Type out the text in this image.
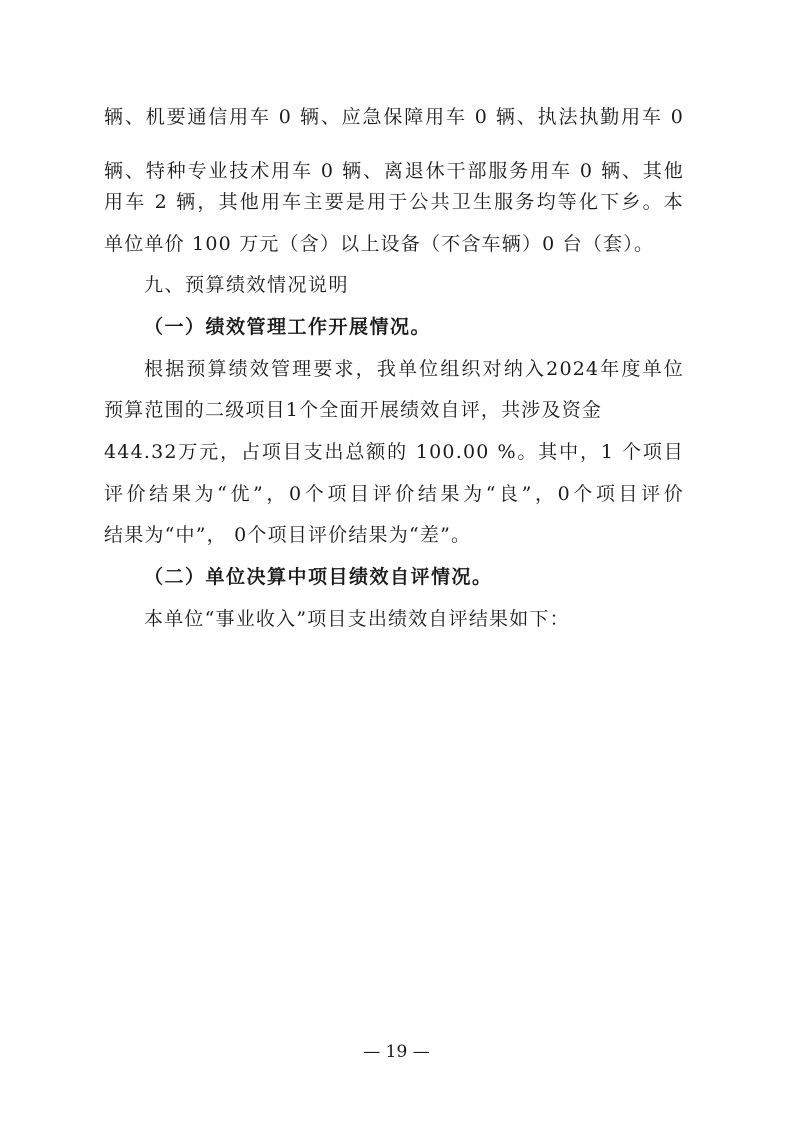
辆、机要通信用车 0 辆、应急保障用车 0 辆、执法执勤用车 0
辆、特种专业技术用车 0 辆、离退休干部服务用车 0 辆、其他
用车 2 辆，其他用车主要是用于公共卫生服务均等化下乡。本
单位单价 100 万元（含）以上设备（不含车辆）0 台（套）。
九、预算绩效情况说明
（一）绩效管理工作开展情况。
根据预算绩效管理要求，我单位组织对纳入2024年度单位
预算范围的二级项目1个全面开展绩效自评，共涉及资金
444.32万元，占项目支出总额的 100.00 %。其中，1 个项目
评价结果为“优”，0个项目评价结果为“良”，0个项目评价
结果为“中”， 0个项目评价结果为“差”。
（二）单位决算中项目绩效自评情况。
本单位“事业收入”项目支出绩效自评结果如下：
— 19 —
